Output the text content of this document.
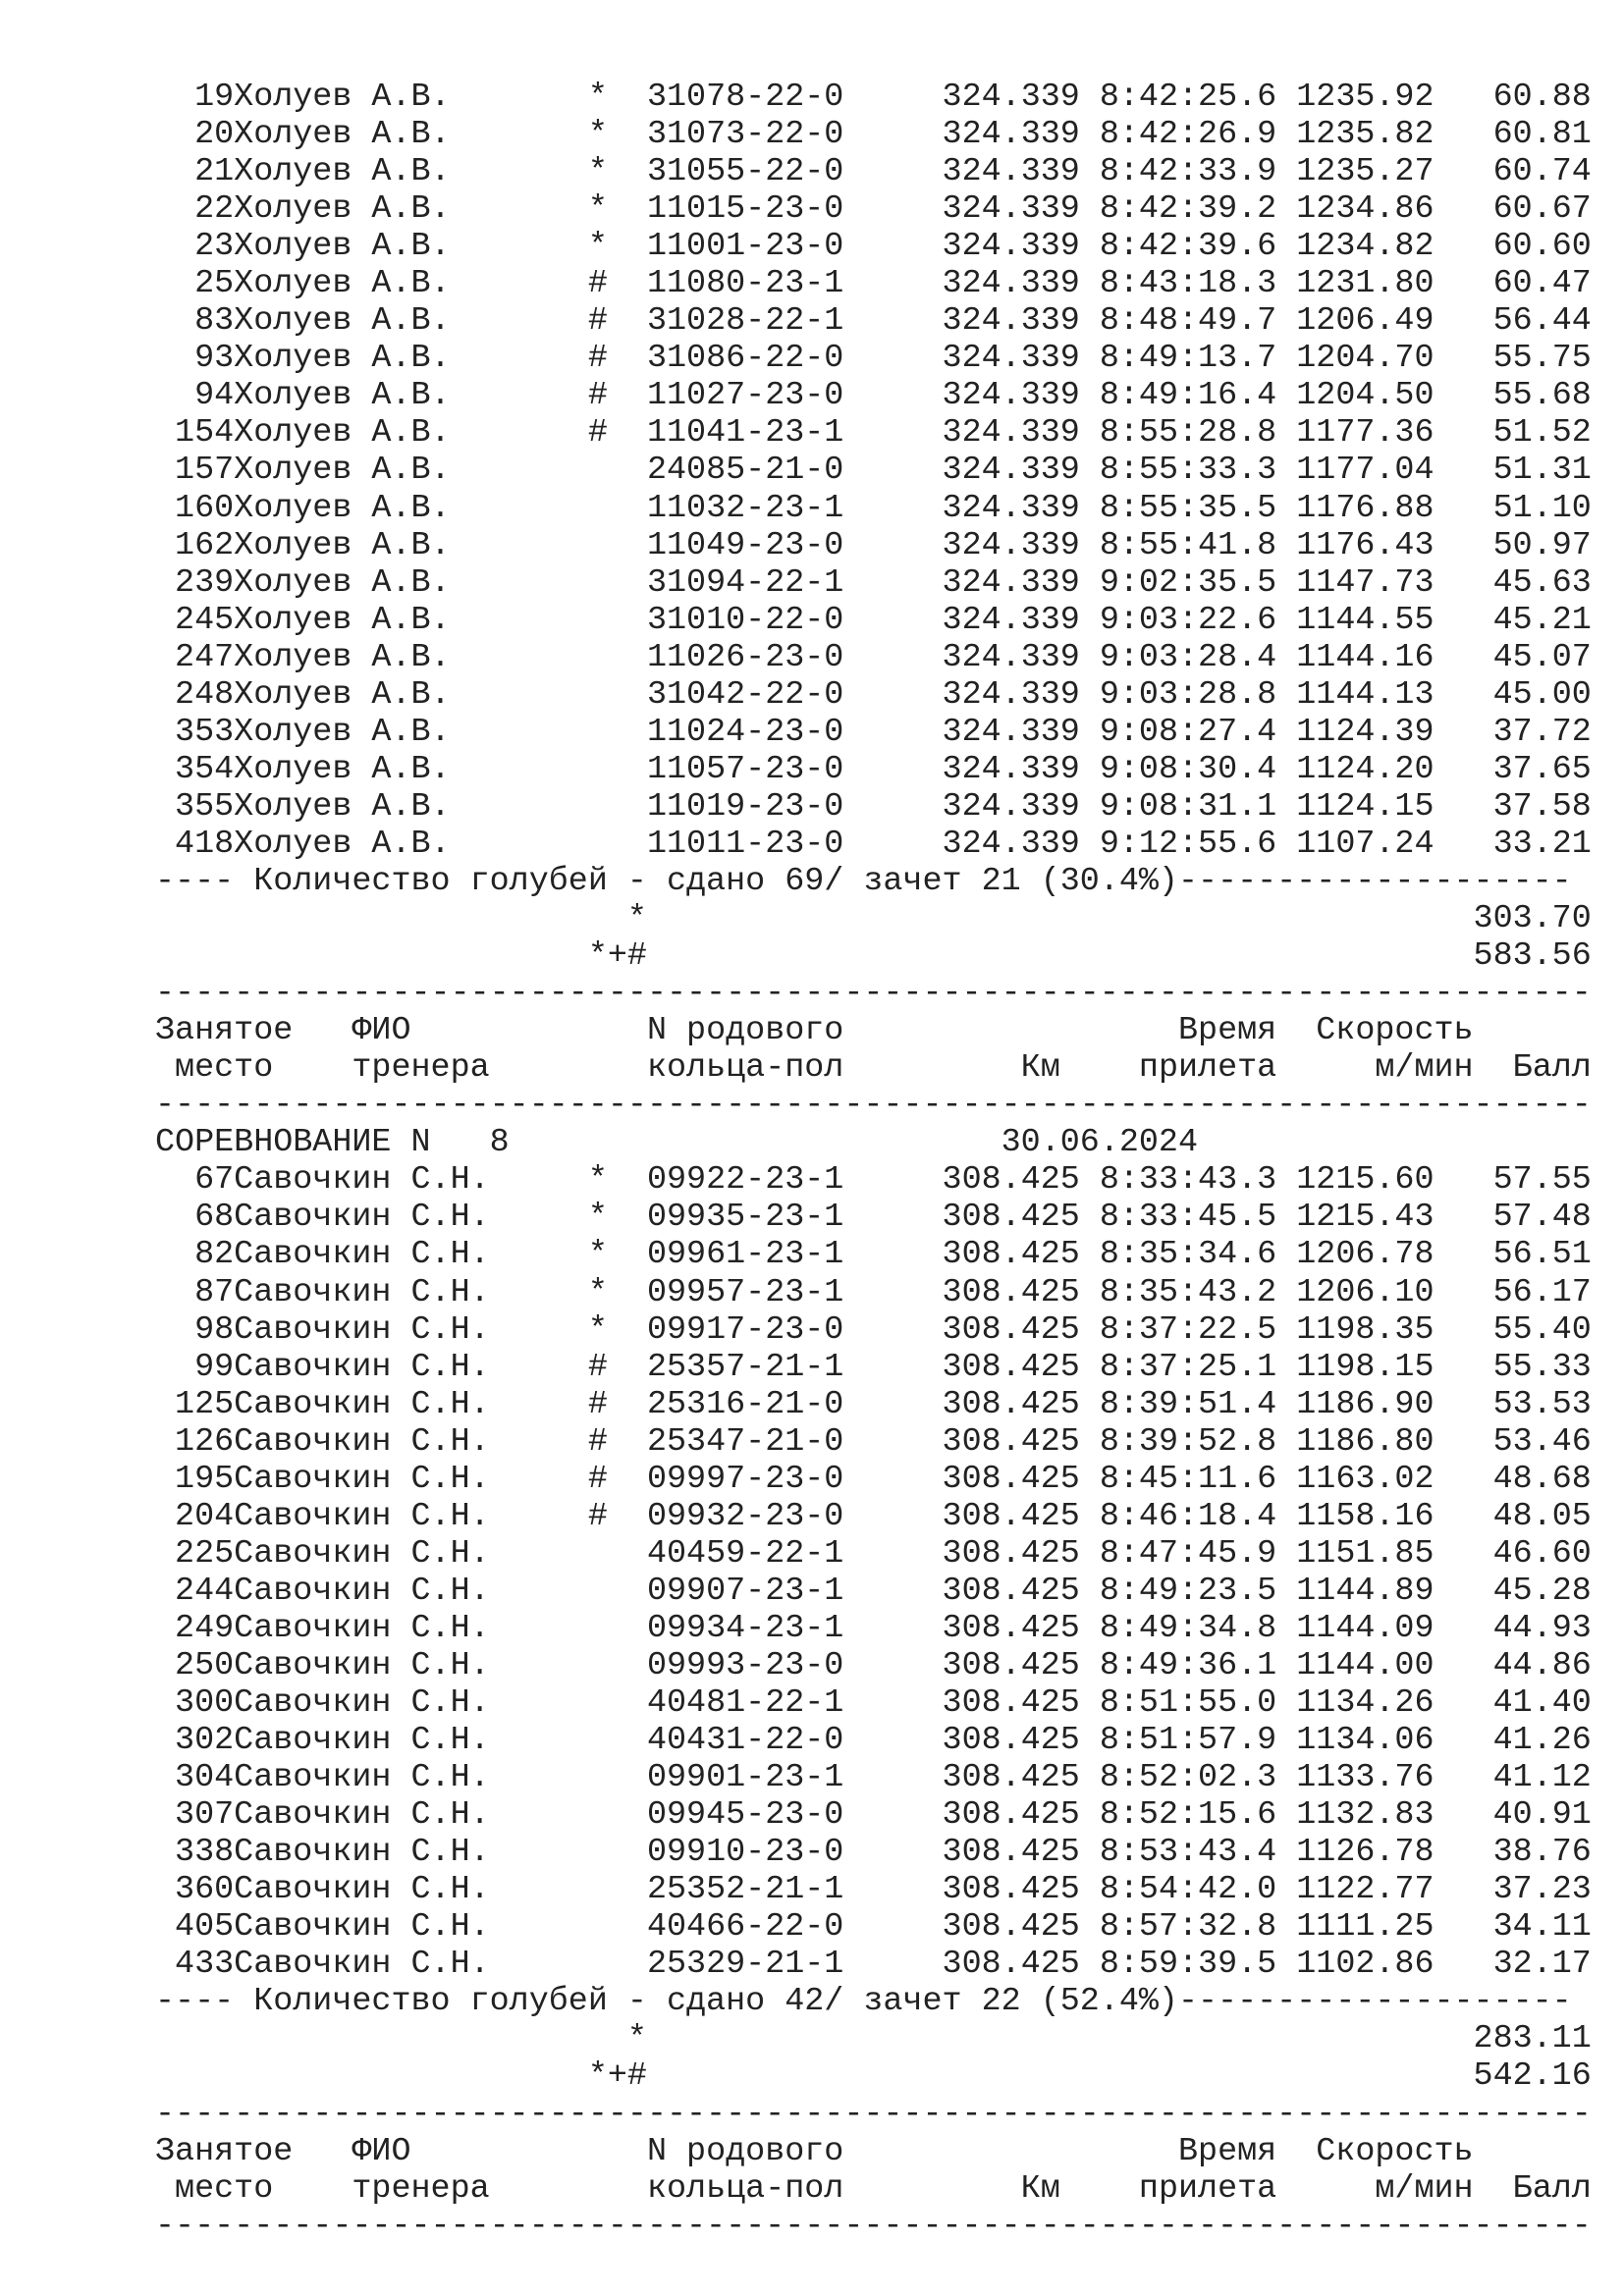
19Холуев А.В.       *  31078-22-0     324.339 8:42:25.6 1235.92   60.88
20Холуев А.В.       *  31073-22-0     324.339 8:42:26.9 1235.82   60.81
21Холуев А.В.       *  31055-22-0     324.339 8:42:33.9 1235.27   60.74
22Холуев А.В.       *  11015-23-0     324.339 8:42:39.2 1234.86   60.67
23Холуев А.В.       *  11001-23-0     324.339 8:42:39.6 1234.82   60.60
25Холуев А.В.       #  11080-23-1     324.339 8:43:18.3 1231.80   60.47
83Холуев А.В.       #  31028-22-1     324.339 8:48:49.7 1206.49   56.44
93Холуев А.В.       #  31086-22-0     324.339 8:49:13.7 1204.70   55.75
94Холуев А.В.       #  11027-23-0     324.339 8:49:16.4 1204.50   55.68
154Холуев А.В.       #  11041-23-1     324.339 8:55:28.8 1177.36   51.52
157Холуев А.В.          24085-21-0     324.339 8:55:33.3 1177.04   51.31
160Холуев А.В.          11032-23-1     324.339 8:55:35.5 1176.88   51.10
162Холуев А.В.          11049-23-0     324.339 8:55:41.8 1176.43   50.97
239Холуев А.В.          31094-22-1     324.339 9:02:35.5 1147.73   45.63
245Холуев А.В.          31010-22-0     324.339 9:03:22.6 1144.55   45.21
247Холуев А.В.          11026-23-0     324.339 9:03:28.4 1144.16   45.07
248Холуев А.В.          31042-22-0     324.339 9:03:28.8 1144.13   45.00
353Холуев А.В.          11024-23-0     324.339 9:08:27.4 1124.39   37.72
354Холуев А.В.          11057-23-0     324.339 9:08:30.4 1124.20   37.65
355Холуев А.В.          11019-23-0     324.339 9:08:31.1 1124.15   37.58
418Холуев А.В.          11011-23-0     324.339 9:12:55.6 1107.24   33.21
---- Количество голубей - сдано 69/ зачет 21 (30.4%)--------------------
*                                          303.70
*+#                                          583.56
-------------------------------------------------------------------------
Занятое   ФИО            N родового	Время  Скорость
место    тренера        кольца-пол         Км    прилета     м/мин  Балл
-------------------------------------------------------------------------
СОРЕВНОВАНИЕ N   8                         30.06.2024
67Савочкин С.Н.     *  09922-23-1     308.425 8:33:43.3 1215.60   57.55
68Савочкин С.Н.     *  09935-23-1     308.425 8:33:45.5 1215.43   57.48
82Савочкин С.Н.     *  09961-23-1     308.425 8:35:34.6 1206.78   56.51
87Савочкин С.Н.     *  09957-23-1     308.425 8:35:43.2 1206.10   56.17
98Савочкин С.Н.     *  09917-23-0     308.425 8:37:22.5 1198.35   55.40
99Савочкин С.Н.     #  25357-21-1     308.425 8:37:25.1 1198.15   55.33
125Савочкин С.Н.     #  25316-21-0     308.425 8:39:51.4 1186.90   53.53
126Савочкин С.Н.     #  25347-21-0     308.425 8:39:52.8 1186.80   53.46
195Савочкин С.Н.     #  09997-23-0     308.425 8:45:11.6 1163.02   48.68
204Савочкин С.Н.     #  09932-23-0     308.425 8:46:18.4 1158.16   48.05
225Савочкин С.Н.        40459-22-1     308.425 8:47:45.9 1151.85   46.60
244Савочкин С.Н.        09907-23-1     308.425 8:49:23.5 1144.89   45.28
249Савочкин С.Н.        09934-23-1     308.425 8:49:34.8 1144.09   44.93
250Савочкин С.Н.        09993-23-0     308.425 8:49:36.1 1144.00   44.86
300Савочкин С.Н.        40481-22-1     308.425 8:51:55.0 1134.26   41.40
302Савочкин С.Н.        40431-22-0     308.425 8:51:57.9 1134.06   41.26
304Савочкин С.Н.        09901-23-1     308.425 8:52:02.3 1133.76   41.12
307Савочкин С.Н.        09945-23-0     308.425 8:52:15.6 1132.83   40.91
338Савочкин С.Н.        09910-23-0     308.425 8:53:43.4 1126.78   38.76
360Савочкин С.Н.        25352-21-1     308.425 8:54:42.0 1122.77   37.23
405Савочкин С.Н.        40466-22-0     308.425 8:57:32.8 1111.25   34.11
433Савочкин С.Н.        25329-21-1     308.425 8:59:39.5 1102.86   32.17
---- Количество голубей - сдано 42/ зачет 22 (52.4%)--------------------
*                                          283.11
*+#                                          542.16
-------------------------------------------------------------------------
Занятое   ФИО            N родового	Время  Скорость
место    тренера        кольца-пол         Км    прилета     м/мин  Балл
-------------------------------------------------------------------------
